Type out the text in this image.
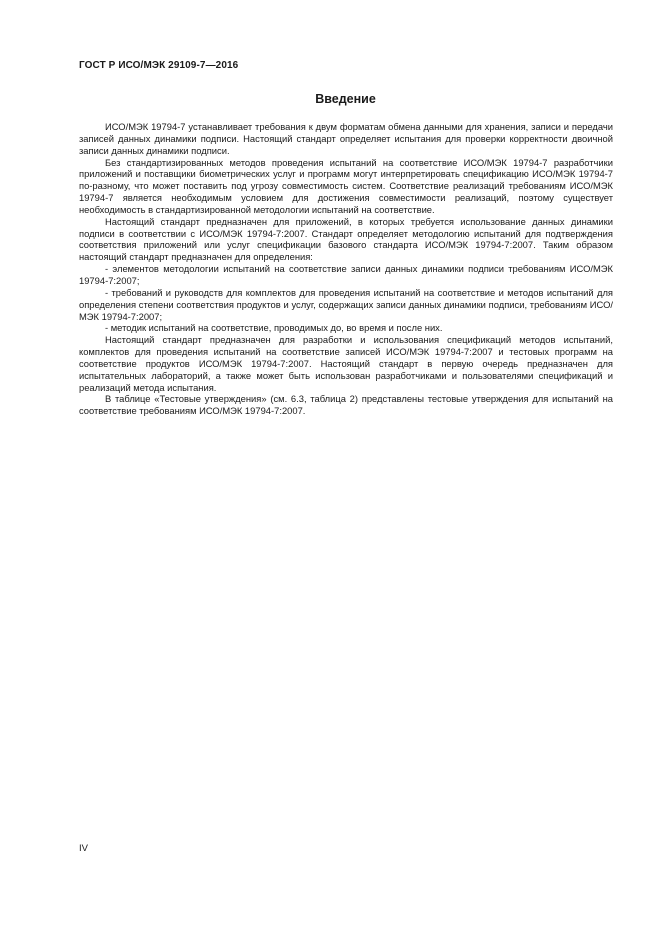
ГОСТ Р ИСО/МЭК 29109-7—2016
Введение

ИСО/МЭК 19794-7 устанавливает требования к двум форматам обмена данными для хранения, записи и передачи записей данных динамики подписи. Настоящий стандарт определяет испытания для проверки корректности двоичной записи данных динамики подписи.

Без стандартизированных методов проведения испытаний на соответствие ИСО/МЭК 19794-7 разработчики приложений и поставщики биометрических услуг и программ могут интерпретировать спецификацию ИСО/МЭК 19794-7 по-разному, что может поставить под угрозу совместимость систем. Соответствие реализаций требованиям ИСО/МЭК 19794-7 является необходимым условием для достижения совместимости реализаций, поэтому существует необходимость в стандартизированной методологии испытаний на соответствие.

Настоящий стандарт предназначен для приложений, в которых требуется использование данных динамики подписи в соответствии с ИСО/МЭК 19794-7:2007. Стандарт определяет методологию испытаний для подтверждения соответствия приложений или услуг спецификации базового стандарта ИСО/МЭК 19794-7:2007. Таким образом настоящий стандарт предназначен для определения:

- элементов методологии испытаний на соответствие записи данных динамики подписи требованиям ИСО/МЭК 19794-7:2007;

- требований и руководств для комплектов для проведения испытаний на соответствие и методов испытаний для определения степени соответствия продуктов и услуг, содержащих записи данных динамики подписи, требованиям ИСО/МЭК 19794-7:2007;

- методик испытаний на соответствие, проводимых до, во время и после них.

Настоящий стандарт предназначен для разработки и использования спецификаций методов испытаний, комплектов для проведения испытаний на соответствие записей ИСО/МЭК 19794-7:2007 и тестовых программ на соответствие продуктов ИСО/МЭК 19794-7:2007. Настоящий стандарт в первую очередь предназначен для испытательных лабораторий, а также может быть использован разработчиками и пользователями спецификаций и реализаций метода испытания.

В таблице «Тестовые утверждения» (см. 6.3, таблица 2) представлены тестовые утверждения для испытаний на соответствие требованиям ИСО/МЭК 19794-7:2007.

IV
